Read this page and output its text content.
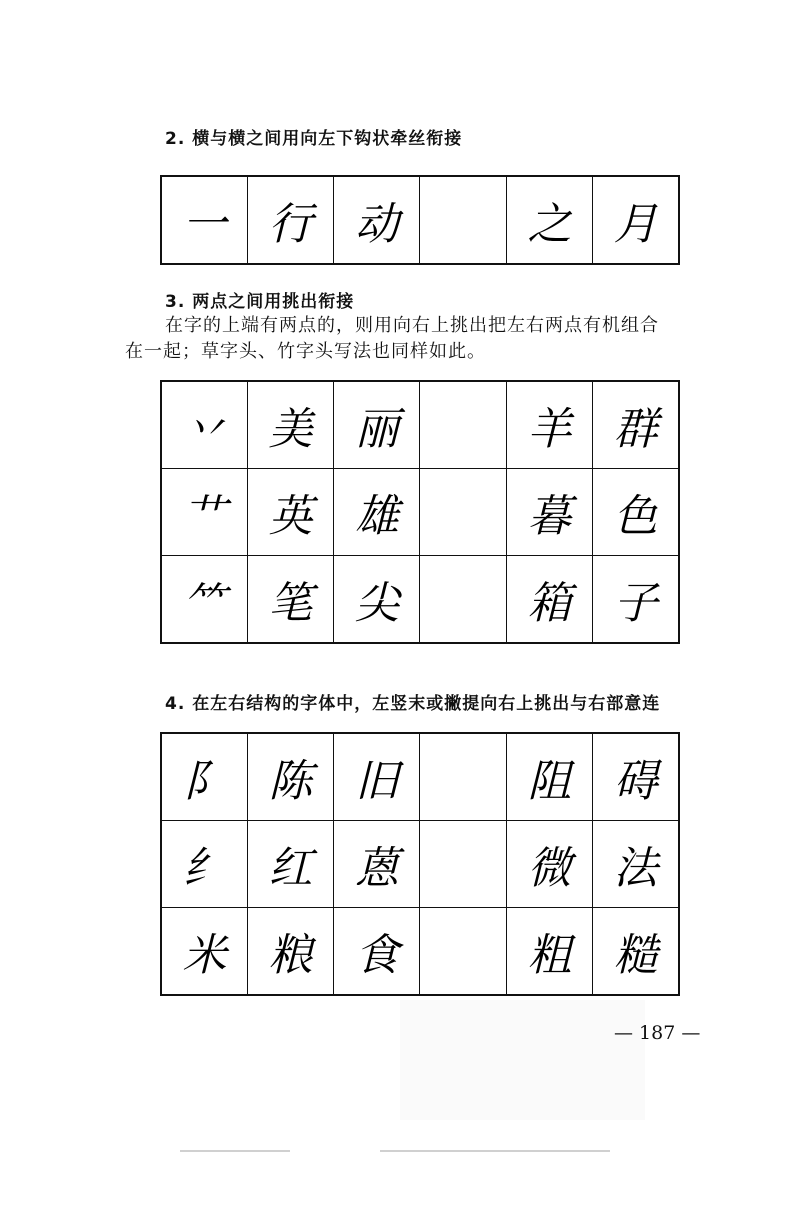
2. 横与横之间用向左下钩状牵丝衔接
一	行	动		之	月
3. 两点之间用挑出衔接
在字的上端有两点的，则用向右上挑出把左右两点有机组合
在一起；草字头、竹字头写法也同样如此。
丷	美	丽		羊	群
艹	英	雄		暮	色
⺮	笔	尖		箱	子
4. 在左右结构的字体中，左竖末或撇提向右上挑出与右部意连
阝	陈	旧		阻	碍
纟	红	蒽		微	法
米	粮	食		粗	糙
— 187 —
